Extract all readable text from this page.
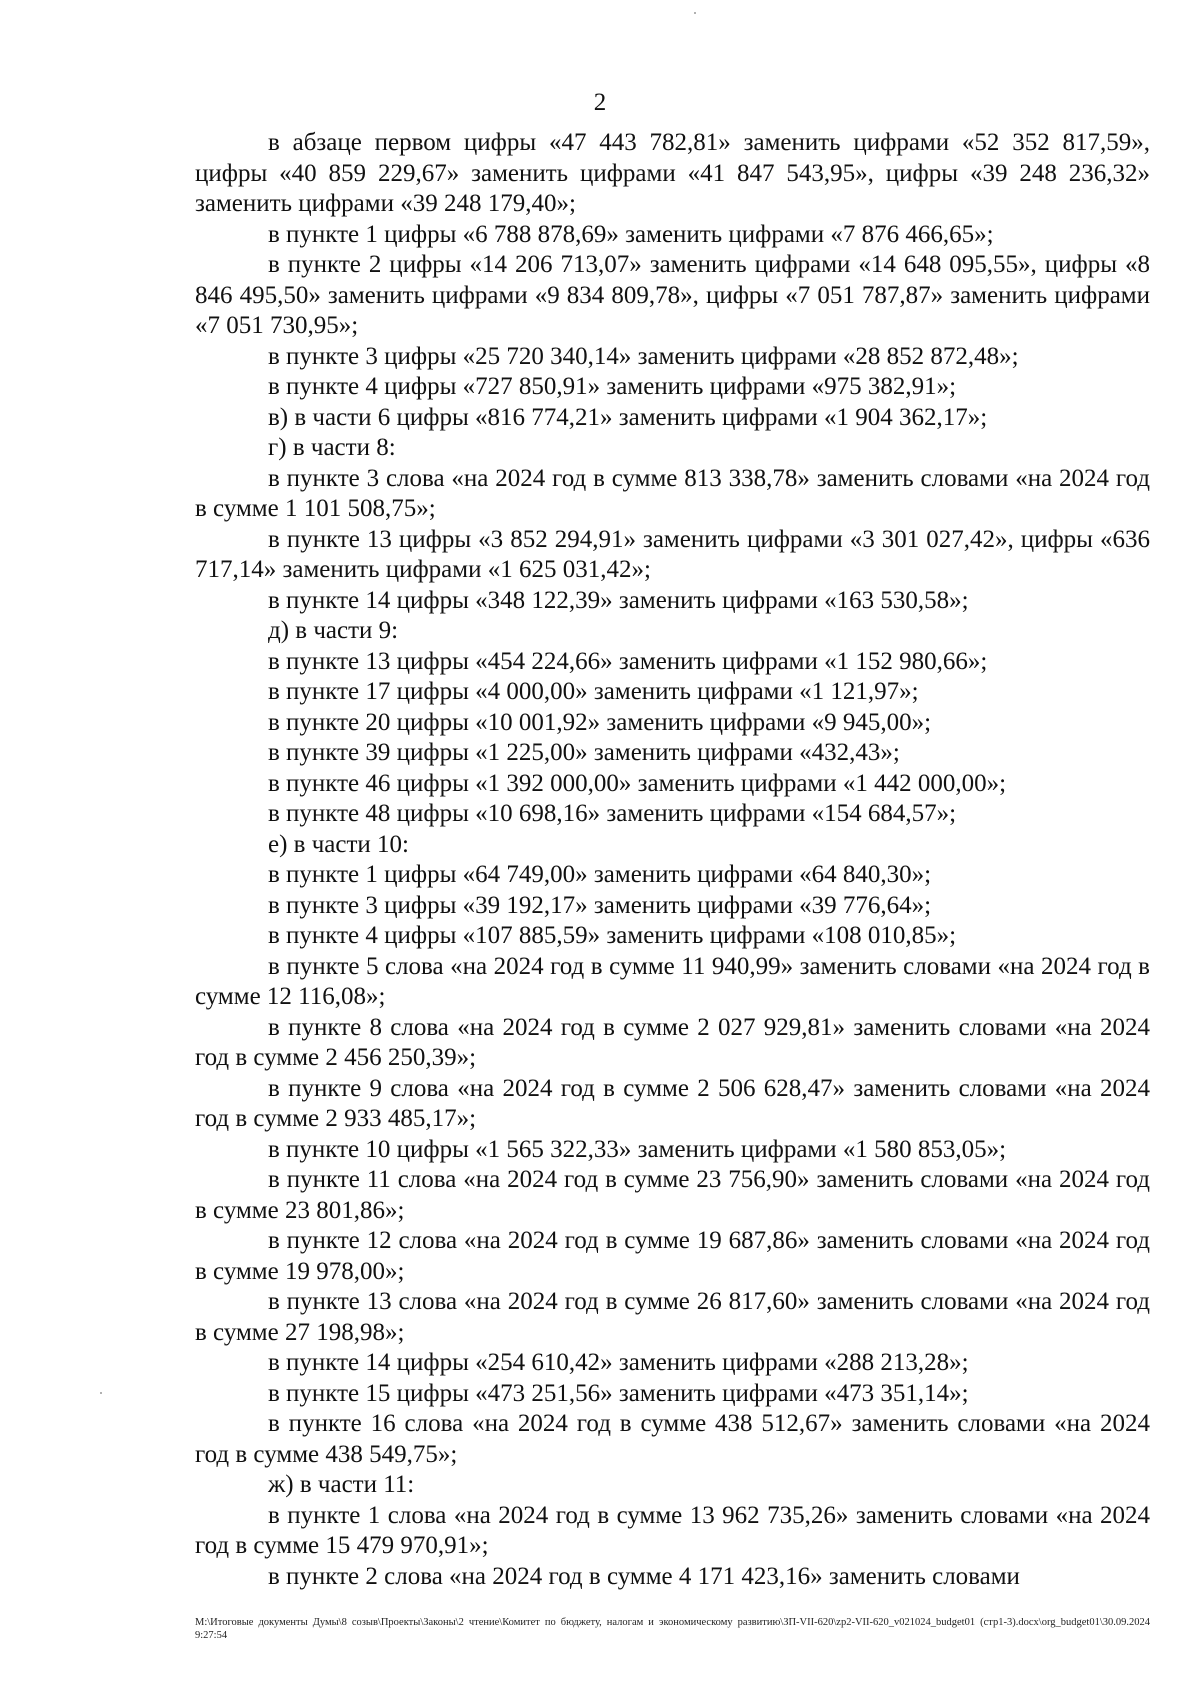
2

в абзаце первом цифры «47 443 782,81» заменить цифрами «52 352 817,59», цифры «40 859 229,67» заменить цифрами «41 847 543,95», цифры «39 248 236,32» заменить цифрами «39 248 179,40»;

в пункте 1 цифры «6 788 878,69» заменить цифрами «7 876 466,65»;

в пункте 2 цифры «14 206 713,07» заменить цифрами «14 648 095,55», цифры «8 846 495,50» заменить цифрами «9 834 809,78», цифры «7 051 787,87» заменить цифрами «7 051 730,95»;

в пункте 3 цифры «25 720 340,14» заменить цифрами «28 852 872,48»;

в пункте 4 цифры «727 850,91» заменить цифрами «975 382,91»;

в) в части 6 цифры «816 774,21» заменить цифрами «1 904 362,17»;

г) в части 8:

в пункте 3 слова «на 2024 год в сумме 813 338,78» заменить словами «на 2024 год в сумме 1 101 508,75»;

в пункте 13 цифры «3 852 294,91» заменить цифрами «3 301 027,42», цифры «636 717,14» заменить цифрами «1 625 031,42»;

в пункте 14 цифры «348 122,39» заменить цифрами «163 530,58»;

д) в части 9:

в пункте 13 цифры «454 224,66» заменить цифрами «1 152 980,66»;

в пункте 17 цифры «4 000,00» заменить цифрами «1 121,97»;

в пункте 20 цифры «10 001,92» заменить цифрами «9 945,00»;

в пункте 39 цифры «1 225,00» заменить цифрами «432,43»;

в пункте 46 цифры «1 392 000,00» заменить цифрами «1 442 000,00»;

в пункте 48 цифры «10 698,16» заменить цифрами «154 684,57»;

е) в части 10:

в пункте 1 цифры «64 749,00» заменить цифрами «64 840,30»;

в пункте 3 цифры «39 192,17» заменить цифрами «39 776,64»;

в пункте 4 цифры «107 885,59» заменить цифрами «108 010,85»;

в пункте 5 слова «на 2024 год в сумме 11 940,99» заменить словами «на 2024 год в сумме 12 116,08»;

в пункте 8 слова «на 2024 год в сумме 2 027 929,81» заменить словами «на 2024 год в сумме 2 456 250,39»;

в пункте 9 слова «на 2024 год в сумме 2 506 628,47» заменить словами «на 2024 год в сумме 2 933 485,17»;

в пункте 10 цифры «1 565 322,33» заменить цифрами «1 580 853,05»;

в пункте 11 слова «на 2024 год в сумме 23 756,90» заменить словами «на 2024 год в сумме 23 801,86»;

в пункте 12 слова «на 2024 год в сумме 19 687,86» заменить словами «на 2024 год в сумме 19 978,00»;

в пункте 13 слова «на 2024 год в сумме 26 817,60» заменить словами «на 2024 год в сумме 27 198,98»;

в пункте 14 цифры «254 610,42» заменить цифрами «288 213,28»;

в пункте 15 цифры «473 251,56» заменить цифрами «473 351,14»;

в пункте 16 слова «на 2024 год в сумме 438 512,67» заменить словами «на 2024 год в сумме 438 549,75»;

ж) в части 11:

в пункте 1 слова «на 2024 год в сумме 13 962 735,26» заменить словами «на 2024 год в сумме 15 479 970,91»;

в пункте 2 слова «на 2024 год в сумме 4 171 423,16» заменить словами

M:\Итоговые документы Думы\8 созыв\Проекты\Законы\2 чтение\Комитет по бюджету, налогам и экономическому развитию\ЗП-VII-620\zp2-VII-620_v021024_budget01 (стр1-3).docx\org_budget01\30.09.2024 9:27:54
